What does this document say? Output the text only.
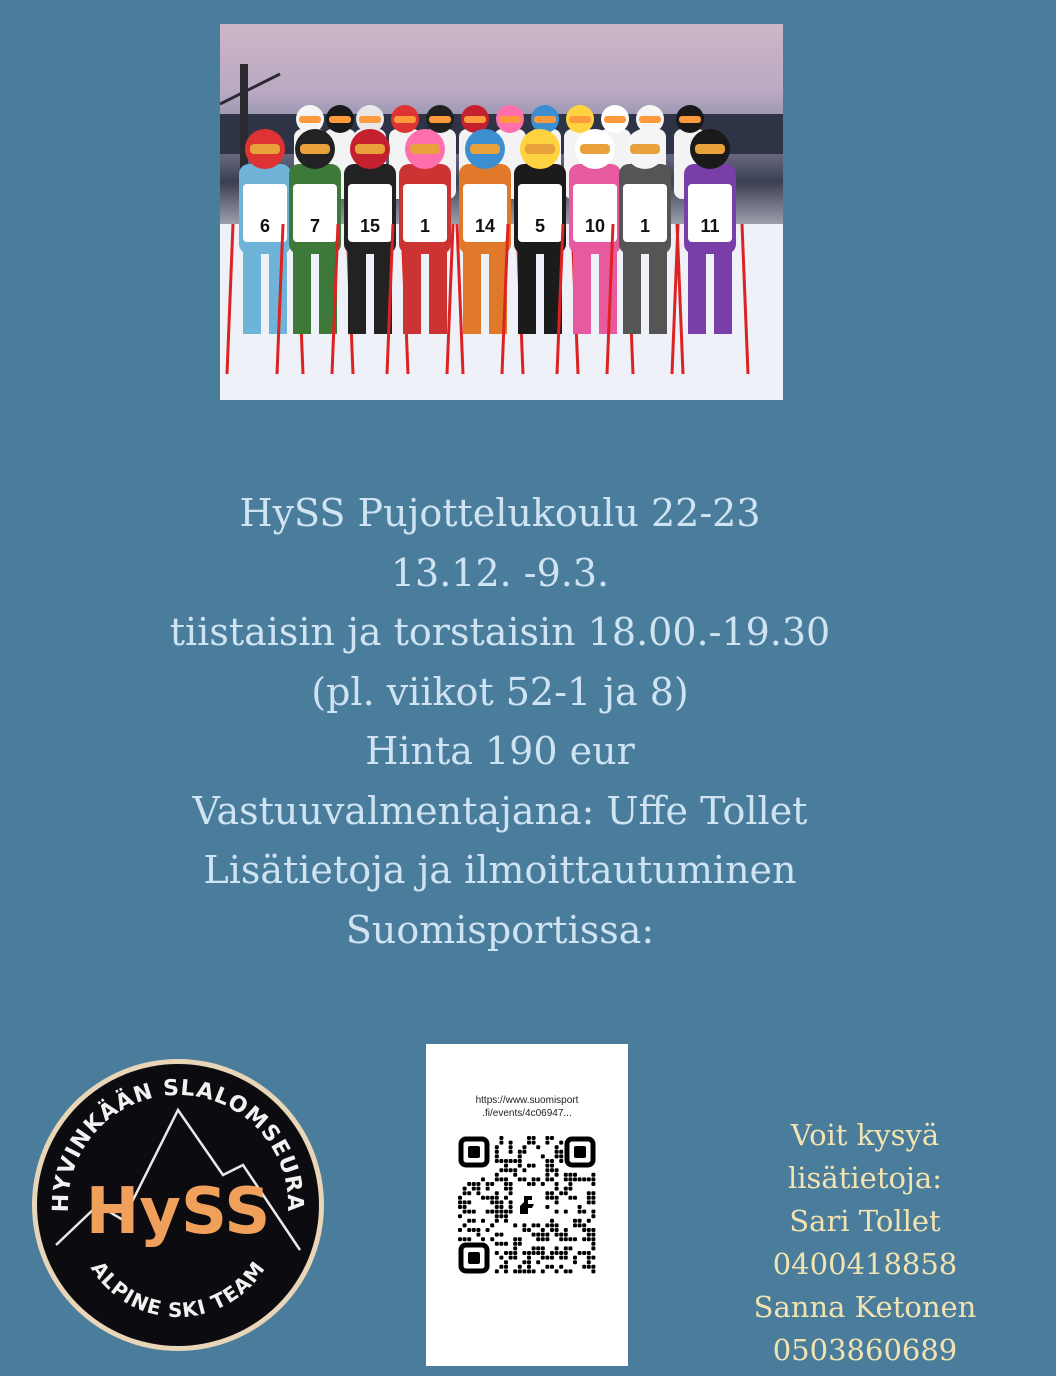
6 7 15 1 14 5 10 1	11
HySS Pujottelukoulu 22-23
13.12. -9.3.
tiistaisin ja torstaisin 18.00.-19.30
(pl. viikot 52-1 ja 8)
Hinta 190 eur
Vastuuvalmentajana: Uffe Tollet
Lisätietoja ja ilmoittautuminen
Suomisportissa:
HYVINKÄÄN SLALOMSEURA
HySS
ALPINE SKI TEAM
https://www.suomisport
.fi/events/4c06947...
Voit kysyä
lisätietoja:
Sari Tollet
0400418858
Sanna Ketonen
0503860689
